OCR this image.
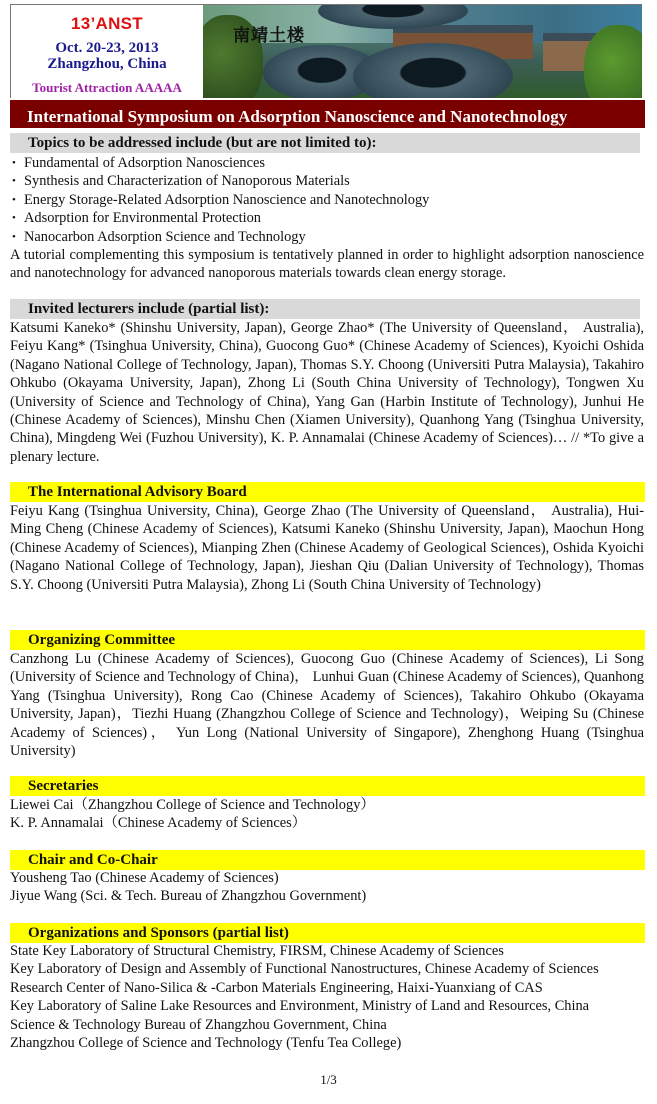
13’ANST
Oct. 20-23, 2013
Zhangzhou, China
Tourist Attraction AAAAA
南靖土楼
International Symposium on Adsorption Nanoscience and Nanotechnology
Topics to be addressed include (but are not limited to):
• Fundamental of Adsorption Nanosciences
• Synthesis and Characterization of Nanoporous Materials
• Energy Storage-Related Adsorption Nanoscience and Nanotechnology
• Adsorption for Environmental Protection
• Nanocarbon Adsorption Science and Technology

A tutorial complementing this symposium is tentatively planned in order to highlight adsorption nanoscience and nanotechnology for advanced nanoporous materials towards clean energy storage.

Invited lecturers include (partial list):

Katsumi Kaneko* (Shinshu University, Japan), George Zhao* (The University of Queensland， Australia), Feiyu Kang* (Tsinghua University, China), Guocong Guo* (Chinese Academy of Sciences), Kyoichi Oshida (Nagano National College of Technology, Japan), Thomas S.Y. Choong (Universiti Putra Malaysia), Takahiro Ohkubo (Okayama University, Japan), Zhong Li (South China University of Technology), Tongwen Xu (University of Science and Technology of China), Yang Gan (Harbin Institute of Technology), Junhui He (Chinese Academy of Sciences), Minshu Chen (Xiamen University), Quanhong Yang (Tsinghua University, China), Mingdeng Wei (Fuzhou University), K. P. Annamalai (Chinese Academy of Sciences)… // *To give a plenary lecture.

The International Advisory Board

Feiyu Kang (Tsinghua University, China), George Zhao (The University of Queensland， Australia), Hui-Ming Cheng (Chinese Academy of Sciences), Katsumi Kaneko (Shinshu University, Japan), Maochun Hong (Chinese Academy of Sciences), Mianping Zhen (Chinese Academy of Geological Sciences), Oshida Kyoichi (Nagano National College of Technology, Japan), Jieshan Qiu (Dalian University of Technology), Thomas S.Y. Choong (Universiti Putra Malaysia), Zhong Li (South China University of Technology)

Organizing Committee

Canzhong Lu (Chinese Academy of Sciences), Guocong Guo (Chinese Academy of Sciences), Li Song (University of Science and Technology of China)， Lunhui Guan (Chinese Academy of Sciences), Quanhong Yang (Tsinghua University), Rong Cao (Chinese Academy of Sciences), Takahiro Ohkubo (Okayama University, Japan)，Tiezhi Huang (Zhangzhou College of Science and Technology)，Weiping Su (Chinese Academy of Sciences)， Yun Long (National University of Singapore), Zhenghong Huang (Tsinghua University)

Secretaries
Liewei Cai（Zhangzhou College of Science and Technology）
K. P. Annamalai（Chinese Academy of Sciences）
Chair and Co-Chair
Yousheng Tao (Chinese Academy of Sciences)
Jiyue Wang (Sci. & Tech. Bureau of Zhangzhou Government)
Organizations and Sponsors (partial list)
State Key Laboratory of Structural Chemistry, FIRSM, Chinese Academy of Sciences
Key Laboratory of Design and Assembly of Functional Nanostructures, Chinese Academy of Sciences
Research Center of Nano-Silica & -Carbon Materials Engineering, Haixi-Yuanxiang of CAS
Key Laboratory of Saline Lake Resources and Environment, Ministry of Land and Resources, China
Science & Technology Bureau of Zhangzhou Government, China
Zhangzhou College of Science and Technology (Tenfu Tea College)
1/3
